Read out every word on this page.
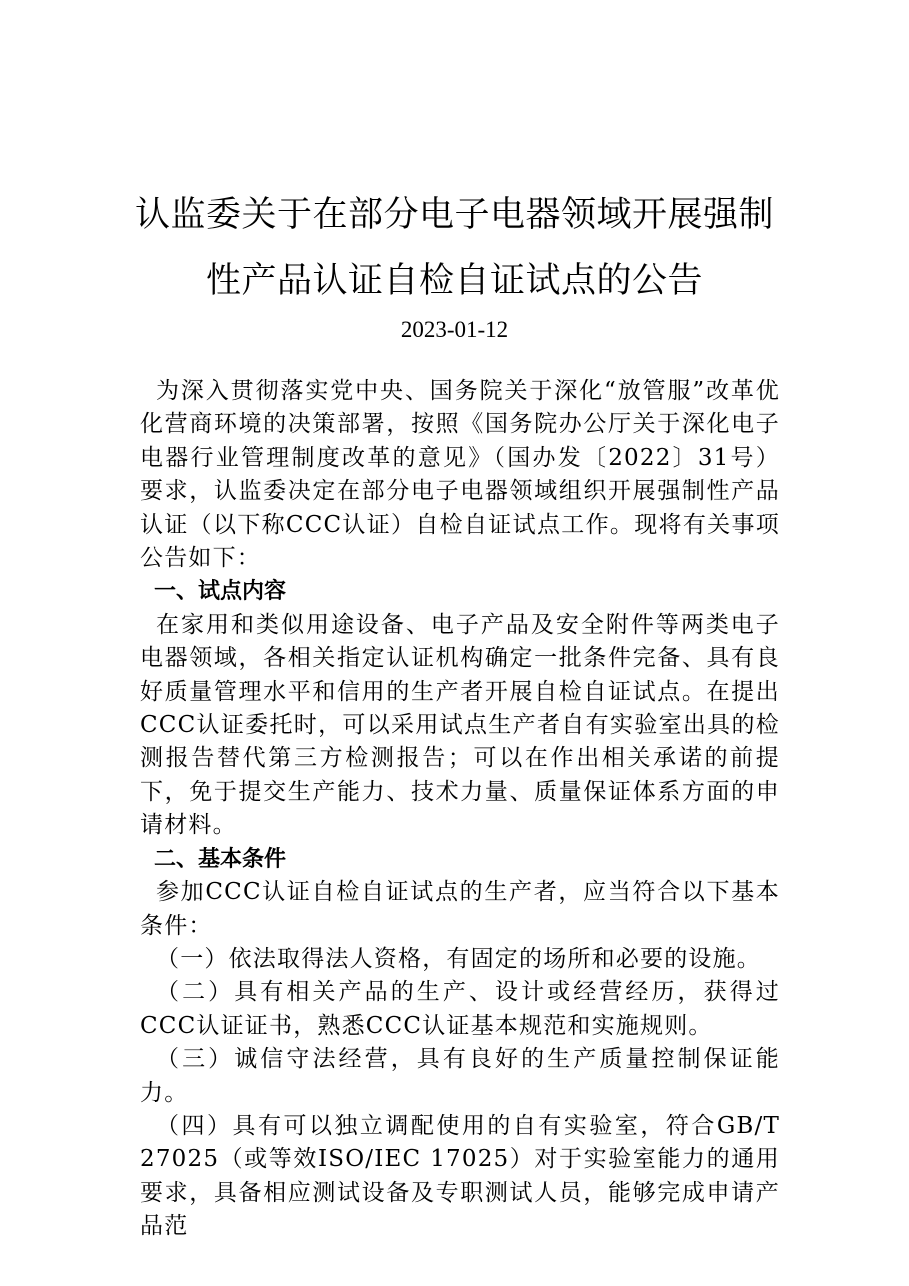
认监委关于在部分电子电器领域开展强制
性产品认证自检自证试点的公告
2023-01-12

为深入贯彻落实党中央、国务院关于深化“放管服”改革优化营商环境的决策部署，按照《国务院办公厅关于深化电子电器行业管理制度改革的意见》（国办发〔2022〕31号）要求，认监委决定在部分电子电器领域组织开展强制性产品认证（以下称CCC认证）自检自证试点工作。现将有关事项公告如下：

一、试点内容

在家用和类似用途设备、电子产品及安全附件等两类电子电器领域，各相关指定认证机构确定一批条件完备、具有良好质量管理水平和信用的生产者开展自检自证试点。在提出CCC认证委托时，可以采用试点生产者自有实验室出具的检测报告替代第三方检测报告；可以在作出相关承诺的前提下，免于提交生产能力、技术力量、质量保证体系方面的申请材料。

二、基本条件

参加CCC认证自检自证试点的生产者，应当符合以下基本条件：

（一）依法取得法人资格，有固定的场所和必要的设施。

（二）具有相关产品的生产、设计或经营经历，获得过CCC认证证书，熟悉CCC认证基本规范和实施规则。

（三）诚信守法经营，具有良好的生产质量控制保证能力。

（四）具有可以独立调配使用的自有实验室，符合GB/T 27025（或等效ISO/IEC 17025）对于实验室能力的通用要求，具备相应测试设备及专职测试人员，能够完成申请产品范
